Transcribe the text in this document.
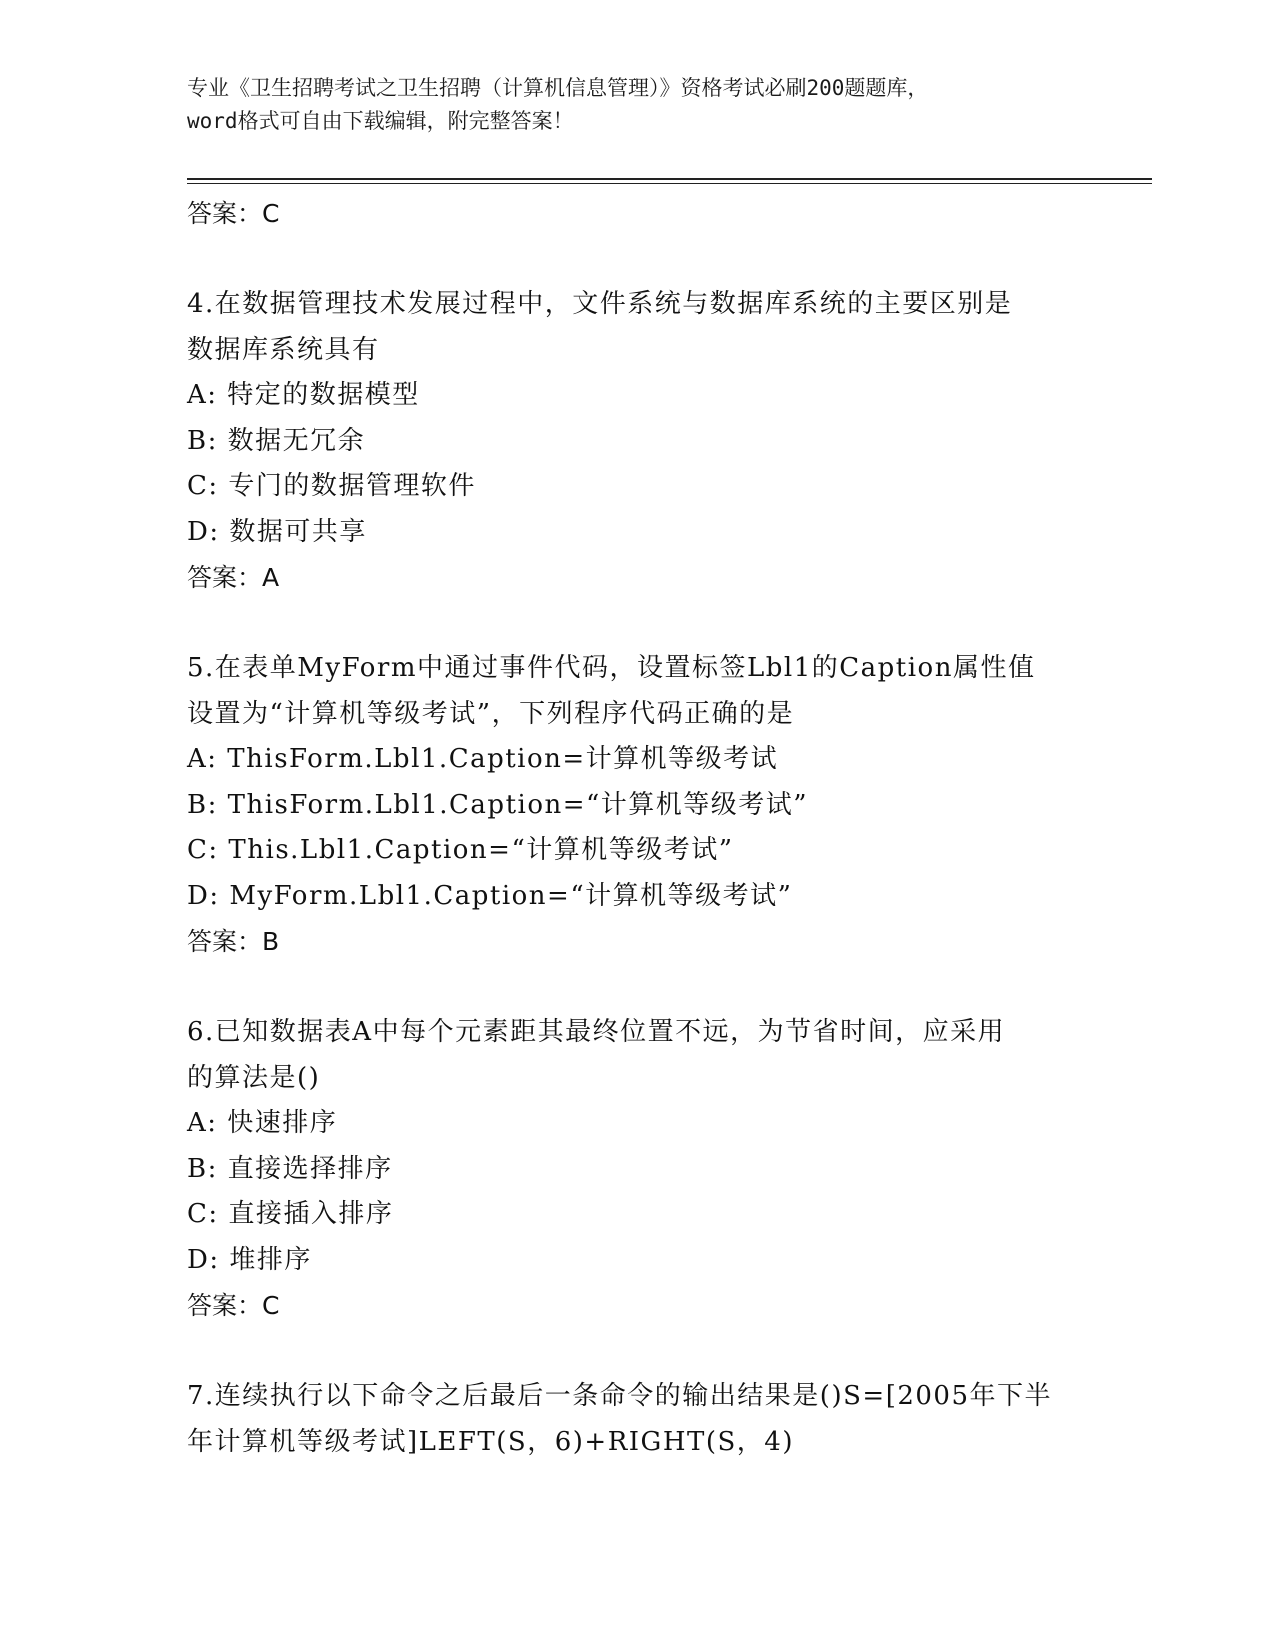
专业《卫生招聘考试之卫生招聘（计算机信息管理）》资格考试必刷200题题库，
word格式可自由下载编辑，附完整答案！
答案：C
4.在数据管理技术发展过程中，文件系统与数据库系统的主要区别是
数据库系统具有
A: 特定的数据模型
B: 数据无冗余
C: 专门的数据管理软件
D: 数据可共享
答案：A
5.在表单MyForm中通过事件代码，设置标签Lbl1的Caption属性值
设置为“计算机等级考试”，下列程序代码正确的是
A: ThisForm.Lbl1.Caption=计算机等级考试
B: ThisForm.Lbl1.Caption=“计算机等级考试”
C: This.Lbl1.Caption=“计算机等级考试”
D: MyForm.Lbl1.Caption=“计算机等级考试”
答案：B
6.已知数据表A中每个元素距其最终位置不远，为节省时间，应采用
的算法是()
A: 快速排序
B: 直接选择排序
C: 直接插入排序
D: 堆排序
答案：C
7.连续执行以下命令之后最后一条命令的输出结果是()S=[2005年下半
年计算机等级考试]LEFT(S，6)+RIGHT(S，4)
